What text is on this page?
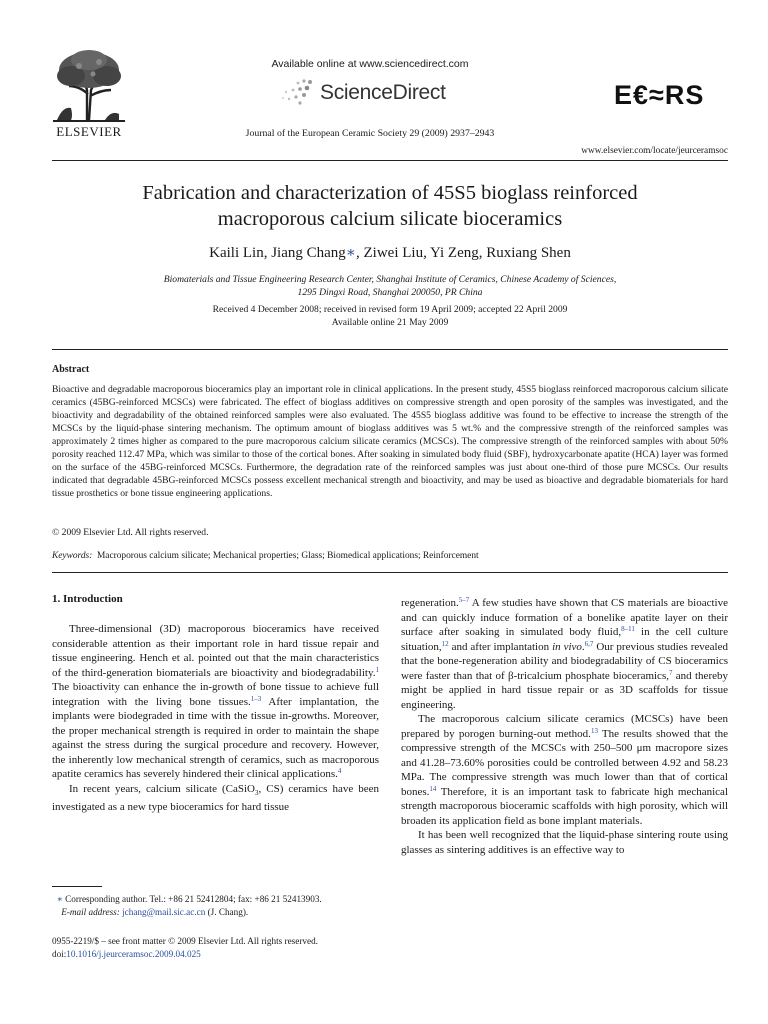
ELSEVIER
Available online at www.sciencedirect.com
ScienceDirect
Journal of the European Ceramic Society 29 (2009) 2937–2943
E€≈RS
www.elsevier.com/locate/jeurceramsoc
Fabrication and characterization of 45S5 bioglass reinforced
macroporous calcium silicate bioceramics
Kaili Lin, Jiang Chang∗, Ziwei Liu, Yi Zeng, Ruxiang Shen
Biomaterials and Tissue Engineering Research Center, Shanghai Institute of Ceramics, Chinese Academy of Sciences,
1295 Dingxi Road, Shanghai 200050, PR China
Received 4 December 2008; received in revised form 19 April 2009; accepted 22 April 2009
Available online 21 May 2009
Abstract
Bioactive and degradable macroporous bioceramics play an important role in clinical applications. In the present study, 45S5 bioglass reinforced macroporous calcium silicate ceramics (45BG-reinforced MCSCs) were fabricated. The effect of bioglass additives on compressive strength and open porosity of the samples was investigated, and the bioactivity and degradability of the obtained reinforced samples were also evaluated. The 45S5 bioglass additive was found to be effective to increase the strength of the MCSCs by the liquid-phase sintering mechanism. The optimum amount of bioglass additives was 5 wt.% and the compressive strength of the reinforced samples was approximately 2 times higher as compared to the pure macroporous calcium silicate ceramics (MCSCs). The compressive strength of the reinforced samples with about 50% porosity reached 112.47 MPa, which was similar to those of the cortical bones. After soaking in simulated body fluid (SBF), hydroxycarbonate apatite (HCA) layer was formed on the surface of the 45BG-reinforced MCSCs. Furthermore, the degradation rate of the reinforced samples was just about one-third of those pure MCSCs. Our results indicated that degradable 45BG-reinforced MCSCs possess excellent mechanical strength and bioactivity, and may be used as bioactive and degradable biomaterials for hard tissue prosthetics or bone tissue engineering applications.
© 2009 Elsevier Ltd. All rights reserved.
Keywords: Macroporous calcium silicate; Mechanical properties; Glass; Biomedical applications; Reinforcement
1. Introduction

Three-dimensional (3D) macroporous bioceramics have received considerable attention as their important role in hard tissue repair and tissue engineering. Hench et al. pointed out that the main characteristics of the third-generation biomaterials are bioactivity and biodegradability.$^1$ The bioactivity can enhance the in-growth of bone tissue to achieve full integration with the living bone tissues.$^{1-3}$ After implantation, the implants were biodegraded in time with the tissue in-growths. Moreover, the proper mechanical strength is required in order to maintain the shape against the stress during the surgical procedure and recovery. However, the inherently low mechanical strength of ceramics, such as macroporous apatite ceramics has severely hindered their clinical applications.$^4$

In recent years, calcium silicate (CaSiO$_3$, CS) ceramics have been investigated as a new type bioceramics for hard tissue

∗ Corresponding author. Tel.: +86 21 52412804; fax: +86 21 52413903.
E-mail address: jchang@mail.sic.ac.cn (J. Chang).
0955-2219/$ – see front matter © 2009 Elsevier Ltd. All rights reserved.
doi:10.1016/j.jeurceramsoc.2009.04.025

regeneration.$^{5-7}$ A few studies have shown that CS materials are bioactive and can quickly induce formation of a bonelike apatite layer on their surface after soaking in simulated body fluid,$^{8-11}$ in the cell culture situation,$^{12}$ and after implantation in vivo.$^{6,7}$ Our previous studies revealed that the bone-regeneration ability and biodegradability of CS bioceramics were faster than that of β-tricalcium phosphate bioceramics,$^7$ and thereby might be applied in hard tissue repair or as 3D scaffolds for tissue engineering.

The macroporous calcium silicate ceramics (MCSCs) have been prepared by porogen burning-out method.$^{13}$ The results showed that the compressive strength of the MCSCs with 250–500 μm macropore sizes and 41.28–73.60% porosities could be controlled between 4.92 and 58.23 MPa. The compressive strength was much lower than that of cortical bones.$^{14}$ Therefore, it is an important task to fabricate high mechanical strength macroporous bioceramic scaffolds with high porosity, which will broaden its application field as bone implant materials.

It has been well recognized that the liquid-phase sintering route using glasses as sintering additives is an effective way to
